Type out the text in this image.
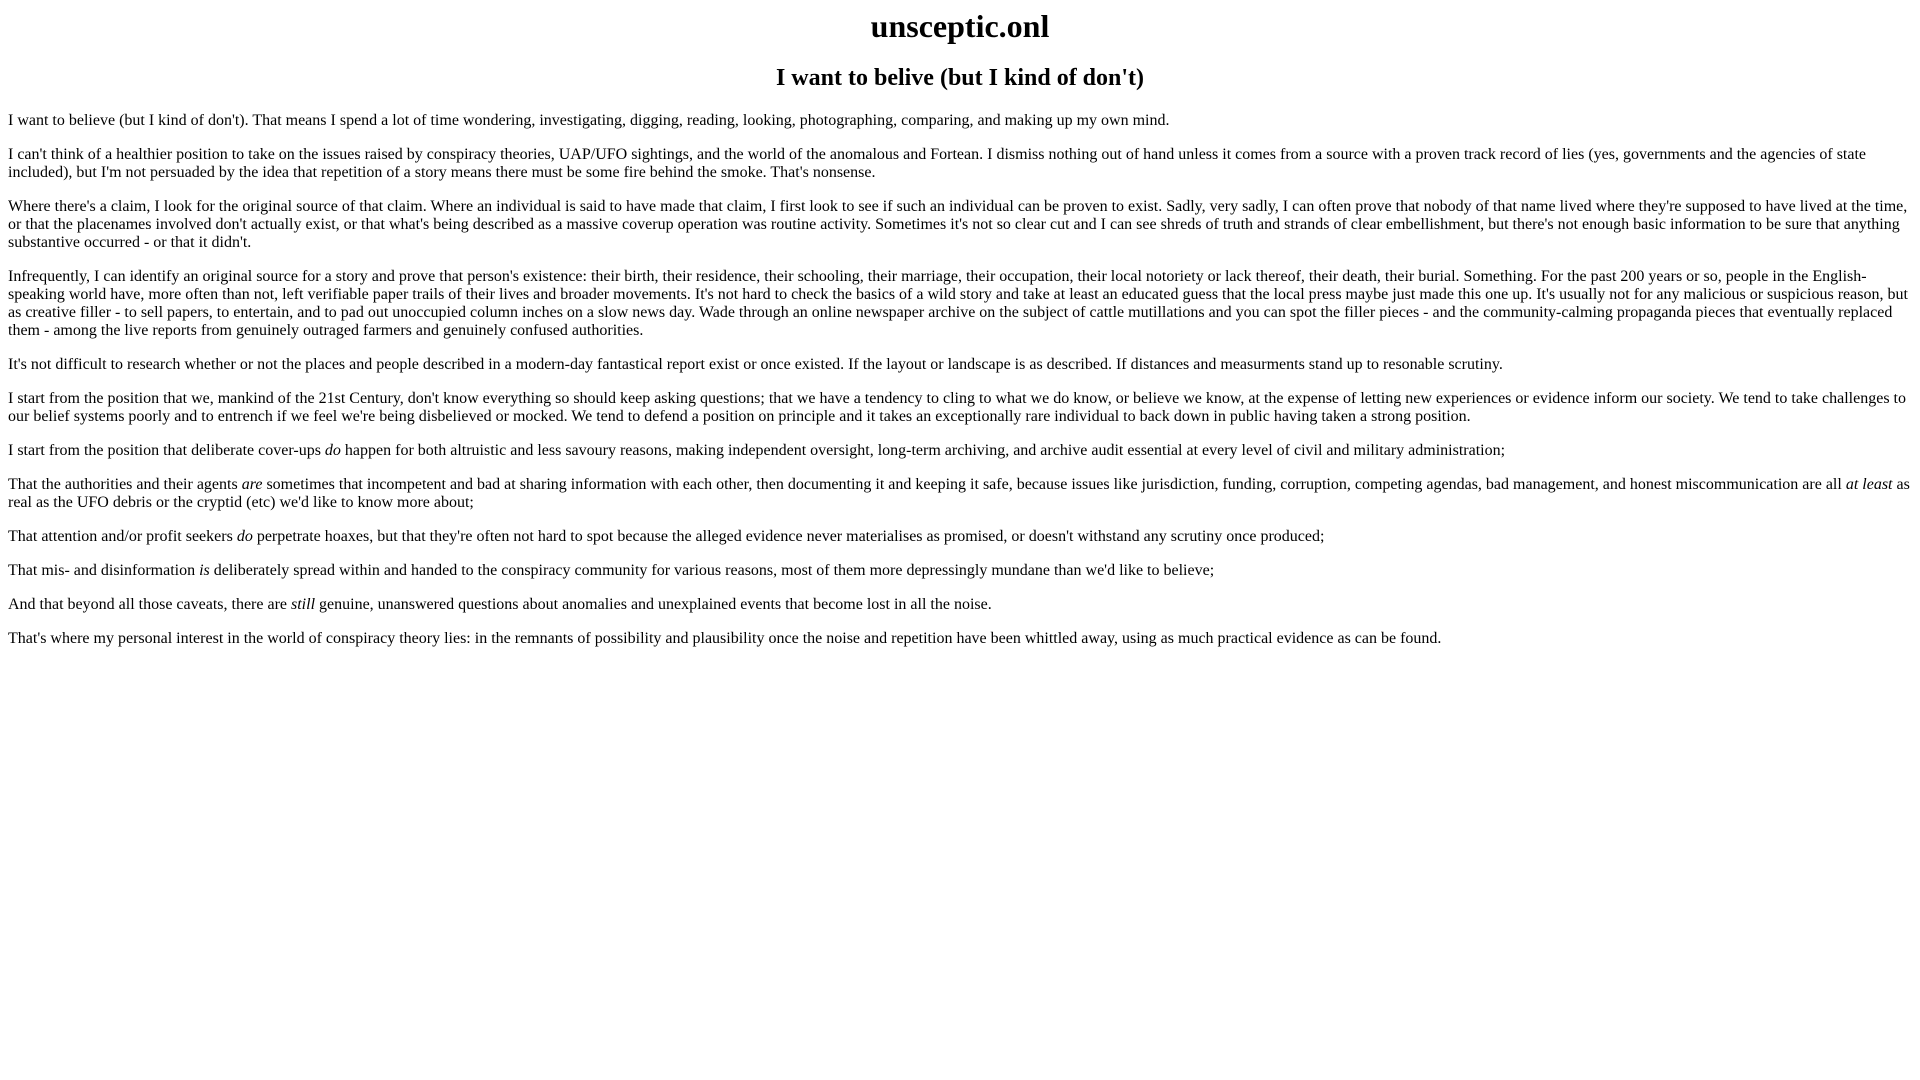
unsceptic.onl
I want to belive (but I kind of don't)

I want to believe (but I kind of don't). That means I spend a lot of time wondering, investigating, digging, reading, looking, photographing, comparing, and making up my own mind.

I can't think of a healthier position to take on the issues raised by conspiracy theories, UAP/UFO sightings, and the world of the anomalous and Fortean. I dismiss nothing out of hand unless it comes from a source with a proven track record of lies (yes, governments and the agencies of state included), but I'm not persuaded by the idea that repetition of a story means there must be some fire behind the smoke. That's nonsense.

Where there's a claim, I look for the original source of that claim. Where an individual is said to have made that claim, I first look to see if such an individual can be proven to exist. Sadly, very sadly, I can often prove that nobody of that name lived where they're supposed to have lived at the time, or that the placenames involved don't actually exist, or that what's being described as a massive coverup operation was routine activity. Sometimes it's not so clear cut and I can see shreds of truth and strands of clear embellishment, but there's not enough basic information to be sure that anything substantive occurred - or that it didn't.

Infrequently, I can identify an original source for a story and prove that person's existence: their birth, their residence, their schooling, their marriage, their occupation, their local notoriety or lack thereof, their death, their burial. Something. For the past 200 years or so, people in the English-speaking world have, more often than not, left verifiable paper trails of their lives and broader movements. It's not hard to check the basics of a wild story and take at least an educated guess that the local press maybe just made this one up. It's usually not for any malicious or suspicious reason, but as creative filler - to sell papers, to entertain, and to pad out unoccupied column inches on a slow news day. Wade through an online newspaper archive on the subject of cattle mutillations and you can spot the filler pieces - and the community-calming propaganda pieces that eventually replaced them - among the live reports from genuinely outraged farmers and genuinely confused authorities.

It's not difficult to research whether or not the places and people described in a modern-day fantastical report exist or once existed. If the layout or landscape is as described. If distances and measurments stand up to resonable scrutiny.

I start from the position that we, mankind of the 21st Century, don't know everything so should keep asking questions; that we have a tendency to cling to what we do know, or believe we know, at the expense of letting new experiences or evidence inform our society. We tend to take challenges to our belief systems poorly and to entrench if we feel we're being disbelieved or mocked. We tend to defend a position on principle and it takes an exceptionally rare individual to back down in public having taken a strong position.

I start from the position that deliberate cover-ups do happen for both altruistic and less savoury reasons, making independent oversight, long-term archiving, and archive audit essential at every level of civil and military administration;

That the authorities and their agents are sometimes that incompetent and bad at sharing information with each other, then documenting it and keeping it safe, because issues like jurisdiction, funding, corruption, competing agendas, bad management, and honest miscommunication are all at least as real as the UFO debris or the cryptid (etc) we'd like to know more about;

That attention and/or profit seekers do perpetrate hoaxes, but that they're often not hard to spot because the alleged evidence never materialises as promised, or doesn't withstand any scrutiny once produced;

That mis- and disinformation is deliberately spread within and handed to the conspiracy community for various reasons, most of them more depressingly mundane than we'd like to believe;

And that beyond all those caveats, there are still genuine, unanswered questions about anomalies and unexplained events that become lost in all the noise.

That's where my personal interest in the world of conspiracy theory lies: in the remnants of possibility and plausibility once the noise and repetition have been whittled away, using as much practical evidence as can be found.
